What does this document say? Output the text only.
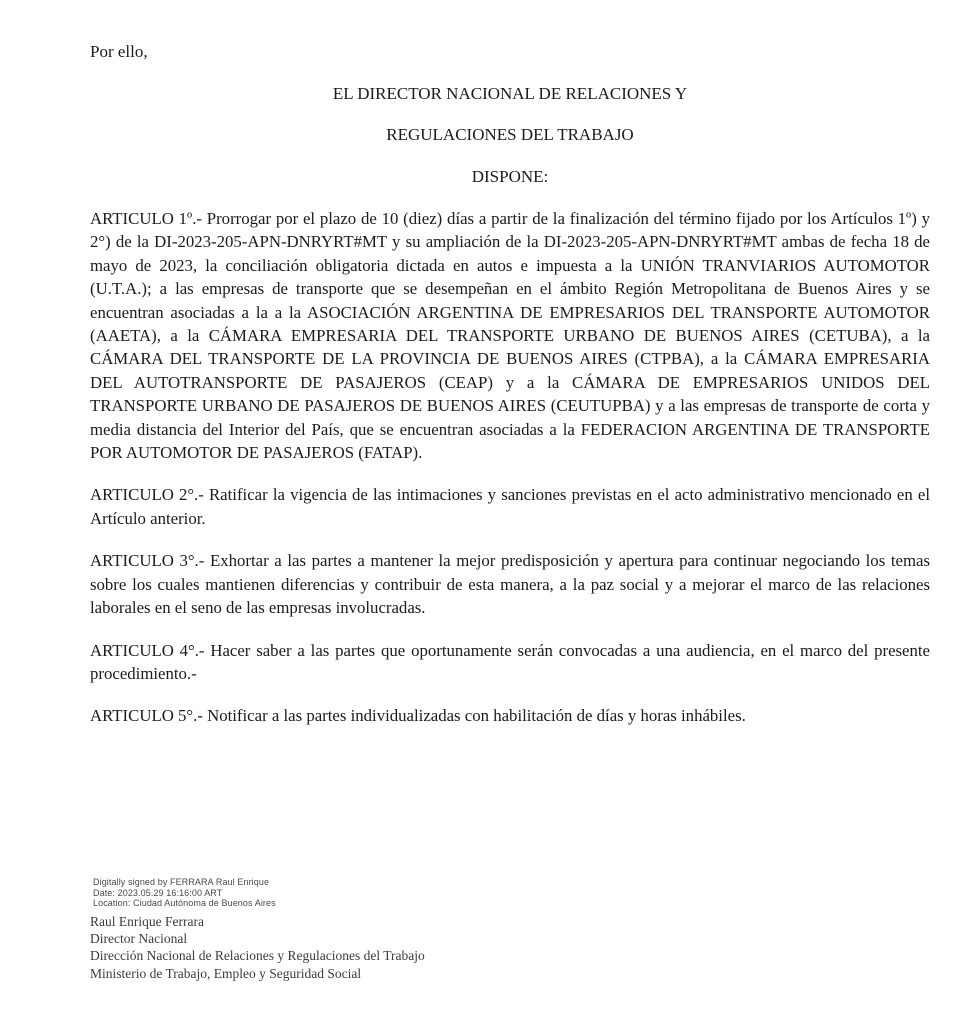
Por ello,

EL DIRECTOR NACIONAL DE RELACIONES Y

REGULACIONES DEL TRABAJO

DISPONE:

ARTICULO 1º.- Prorrogar por el plazo de 10 (diez) días a partir de la finalización del término fijado por los Artículos 1º) y 2°) de la DI-2023-205-APN-DNRYRT#MT y su ampliación de la DI-2023-205-APN-DNRYRT#MT ambas de fecha 18 de mayo de 2023, la conciliación obligatoria dictada en autos e impuesta a la UNIÓN TRANVIARIOS AUTOMOTOR (U.T.A.); a las empresas de transporte que se desempeñan en el ámbito Región Metropolitana de Buenos Aires y se encuentran asociadas a la a la ASOCIACIÓN ARGENTINA DE EMPRESARIOS DEL TRANSPORTE AUTOMOTOR (AAETA), a la CÁMARA EMPRESARIA DEL TRANSPORTE URBANO DE BUENOS AIRES (CETUBA), a la CÁMARA DEL TRANSPORTE DE LA PROVINCIA DE BUENOS AIRES (CTPBA), a la CÁMARA EMPRESARIA DEL AUTOTRANSPORTE DE PASAJEROS (CEAP) y a la CÁMARA DE EMPRESARIOS UNIDOS DEL TRANSPORTE URBANO DE PASAJEROS DE BUENOS AIRES (CEUTUPBA) y a las empresas de transporte de corta y media distancia del Interior del País, que se encuentran asociadas a la FEDERACION ARGENTINA DE TRANSPORTE POR AUTOMOTOR DE PASAJEROS (FATAP).

ARTICULO 2°.- Ratificar la vigencia de las intimaciones y sanciones previstas en el acto administrativo mencionado en el Artículo anterior.

ARTICULO 3°.- Exhortar a las partes a mantener la mejor predisposición y apertura para continuar negociando los temas sobre los cuales mantienen diferencias y contribuir de esta manera, a la paz social y a mejorar el marco de las relaciones laborales en el seno de las empresas involucradas.

ARTICULO 4°.- Hacer saber a las partes que oportunamente serán convocadas a una audiencia, en el marco del presente procedimiento.-

ARTICULO 5°.- Notificar a las partes individualizadas con habilitación de días y horas inhábiles.

Digitally signed by FERRARA Raul Enrique
Date: 2023.05.29 16:16:00 ART
Location: Ciudad Autónoma de Buenos Aires
Raul Enrique Ferrara
Director Nacional
Dirección Nacional de Relaciones y Regulaciones del Trabajo
Ministerio de Trabajo, Empleo y Seguridad Social
